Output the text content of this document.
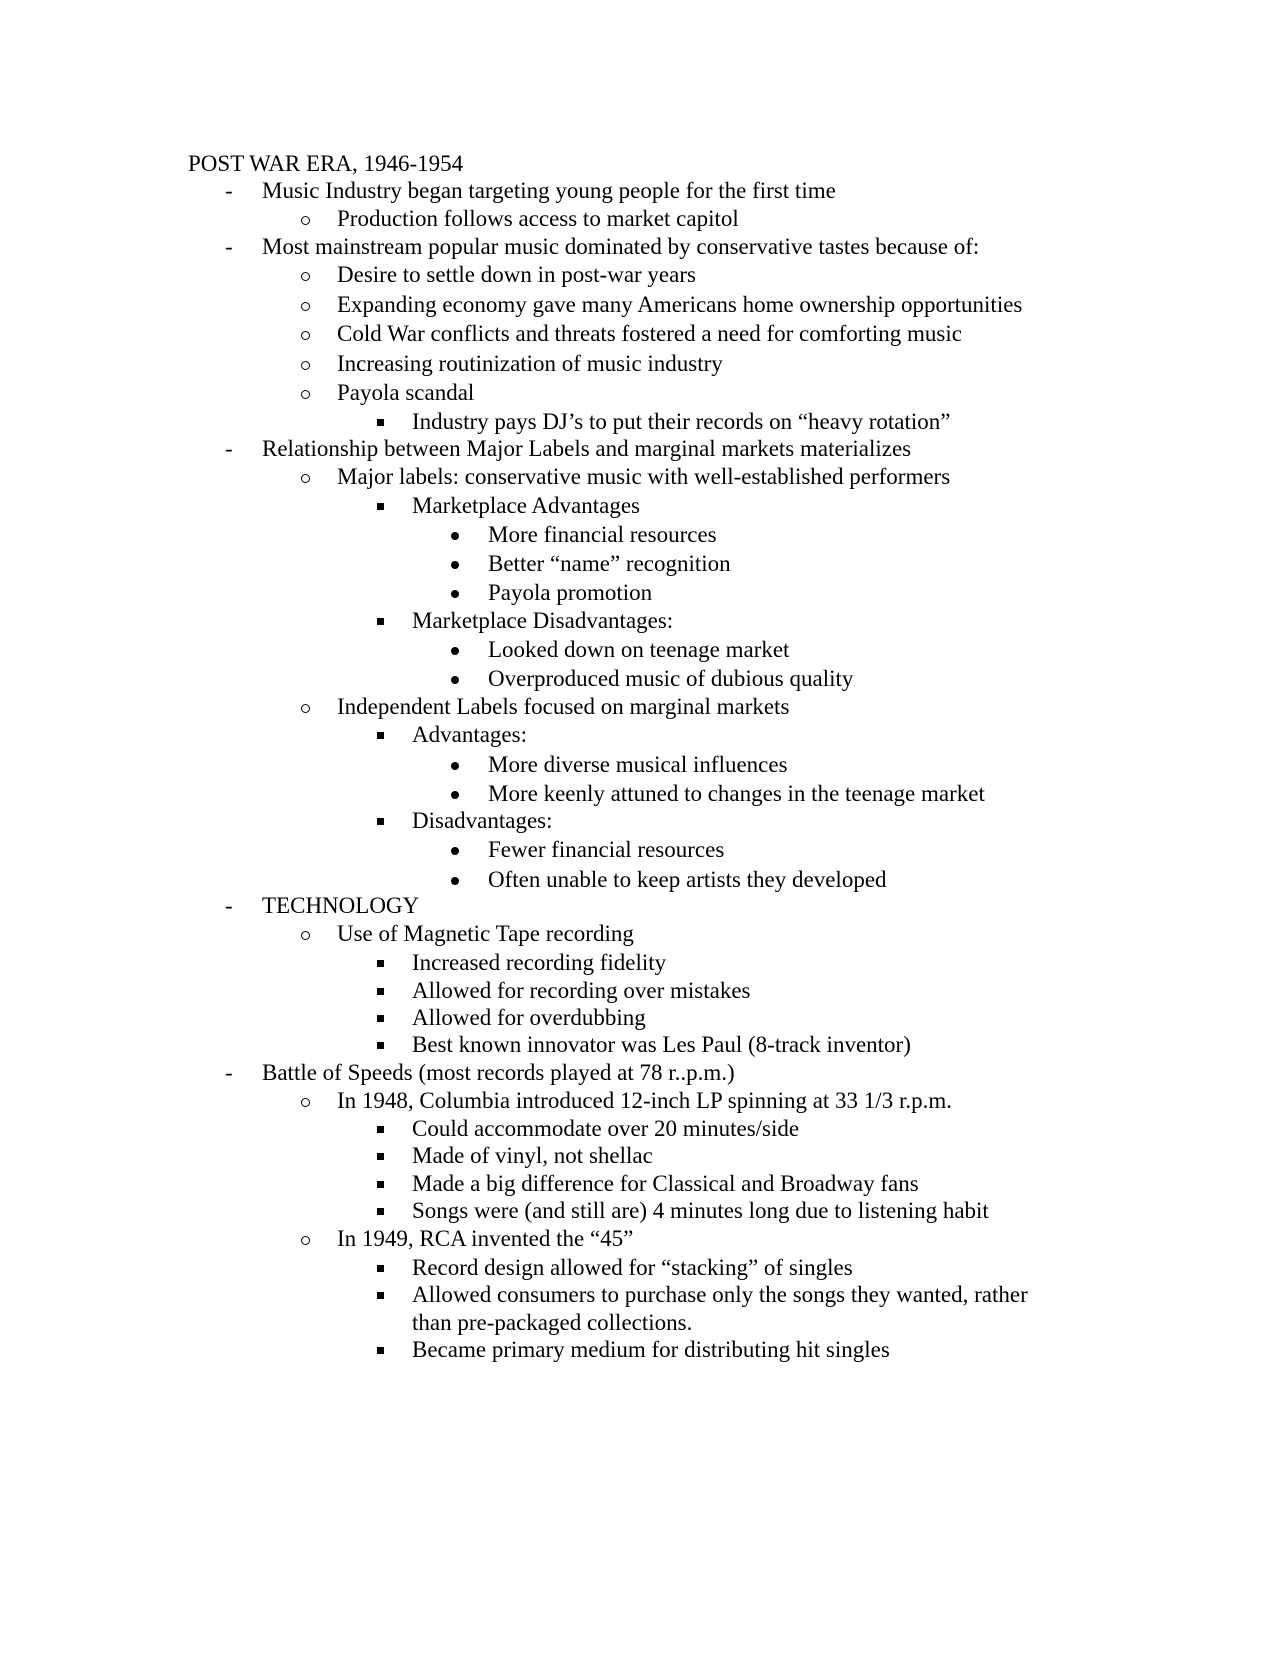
POST WAR ERA, 1946-1954
- Music Industry began targeting young people for the first time
Production follows access to market capitol
- Most mainstream popular music dominated by conservative tastes because of:
Desire to settle down in post-war years
Expanding economy gave many Americans home ownership opportunities
Cold War conflicts and threats fostered a need for comforting music
Increasing routinization of music industry
Payola scandal
Industry pays DJ’s to put their records on “heavy rotation”
- Relationship between Major Labels and marginal markets materializes
Major labels: conservative music with well-established performers
Marketplace Advantages
More financial resources
Better “name” recognition
Payola promotion
Marketplace Disadvantages:
Looked down on teenage market
Overproduced music of dubious quality
Independent Labels focused on marginal markets
Advantages:
More diverse musical influences
More keenly attuned to changes in the teenage market
Disadvantages:
Fewer financial resources
Often unable to keep artists they developed
- TECHNOLOGY
Use of Magnetic Tape recording
Increased recording fidelity
Allowed for recording over mistakes
Allowed for overdubbing
Best known innovator was Les Paul (8-track inventor)
- Battle of Speeds (most records played at 78 r..p.m.)
In 1948, Columbia introduced 12-inch LP spinning at 33 1/3 r.p.m.
Could accommodate over 20 minutes/side
Made of vinyl, not shellac
Made a big difference for Classical and Broadway fans
Songs were (and still are) 4 minutes long due to listening habit
In 1949, RCA invented the “45”
Record design allowed for “stacking” of singles
Allowed consumers to purchase only the songs they wanted, rather
than pre-packaged collections.
Became primary medium for distributing hit singles
